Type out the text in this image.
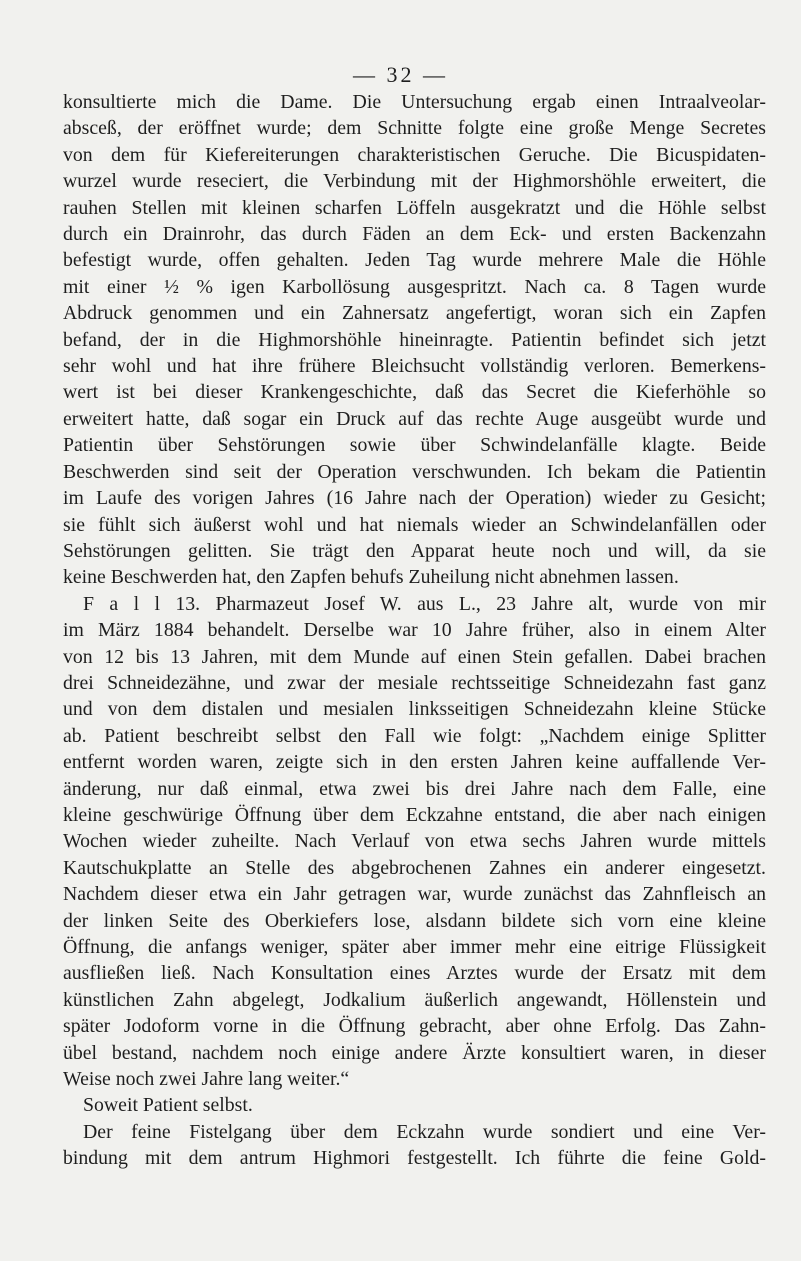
— 32 —

konsultierte mich die Dame. Die Untersuchung ergab einen Intraalveolar-

absceß, der eröffnet wurde; dem Schnitte folgte eine große Menge Secretes

von dem für Kiefereiterungen charakteristischen Geruche. Die Bicuspidaten-

wurzel wurde reseciert, die Verbindung mit der Highmorshöhle erweitert, die

rauhen Stellen mit kleinen scharfen Löffeln ausgekratzt und die Höhle selbst

durch ein Drainrohr, das durch Fäden an dem Eck- und ersten Backenzahn

befestigt wurde, offen gehalten. Jeden Tag wurde mehrere Male die Höhle

mit einer ½ % igen Karbollösung ausgespritzt. Nach ca. 8 Tagen wurde

Abdruck genommen und ein Zahnersatz angefertigt, woran sich ein Zapfen

befand, der in die Highmorshöhle hineinragte. Patientin befindet sich jetzt

sehr wohl und hat ihre frühere Bleichsucht vollständig verloren. Bemerkens-

wert ist bei dieser Krankengeschichte, daß das Secret die Kieferhöhle so

erweitert hatte, daß sogar ein Druck auf das rechte Auge ausgeübt wurde und

Patientin über Sehstörungen sowie über Schwindelanfälle klagte. Beide

Beschwerden sind seit der Operation verschwunden. Ich bekam die Patientin

im Laufe des vorigen Jahres (16 Jahre nach der Operation) wieder zu Gesicht;

sie fühlt sich äußerst wohl und hat niemals wieder an Schwindelanfällen oder

Sehstörungen gelitten. Sie trägt den Apparat heute noch und will, da sie

keine Beschwerden hat, den Zapfen behufs Zuheilung nicht abnehmen lassen.

F a l l 13. Pharmazeut Josef W. aus L., 23 Jahre alt, wurde von mir

im März 1884 behandelt. Derselbe war 10 Jahre früher, also in einem Alter

von 12 bis 13 Jahren, mit dem Munde auf einen Stein gefallen. Dabei brachen

drei Schneidezähne, und zwar der mesiale rechtsseitige Schneidezahn fast ganz

und von dem distalen und mesialen linksseitigen Schneidezahn kleine Stücke

ab. Patient beschreibt selbst den Fall wie folgt: „Nachdem einige Splitter

entfernt worden waren, zeigte sich in den ersten Jahren keine auffallende Ver-

änderung, nur daß einmal, etwa zwei bis drei Jahre nach dem Falle, eine

kleine geschwürige Öffnung über dem Eckzahne entstand, die aber nach einigen

Wochen wieder zuheilte. Nach Verlauf von etwa sechs Jahren wurde mittels

Kautschukplatte an Stelle des abgebrochenen Zahnes ein anderer eingesetzt.

Nachdem dieser etwa ein Jahr getragen war, wurde zunächst das Zahnfleisch an

der linken Seite des Oberkiefers lose, alsdann bildete sich vorn eine kleine

Öffnung, die anfangs weniger, später aber immer mehr eine eitrige Flüssigkeit

ausfließen ließ. Nach Konsultation eines Arztes wurde der Ersatz mit dem

künstlichen Zahn abgelegt, Jodkalium äußerlich angewandt, Höllenstein und

später Jodoform vorne in die Öffnung gebracht, aber ohne Erfolg. Das Zahn-

übel bestand, nachdem noch einige andere Ärzte konsultiert waren, in dieser

Weise noch zwei Jahre lang weiter.“

Soweit Patient selbst.

Der feine Fistelgang über dem Eckzahn wurde sondiert und eine Ver-

bindung mit dem antrum Highmori festgestellt. Ich führte die feine Gold-
